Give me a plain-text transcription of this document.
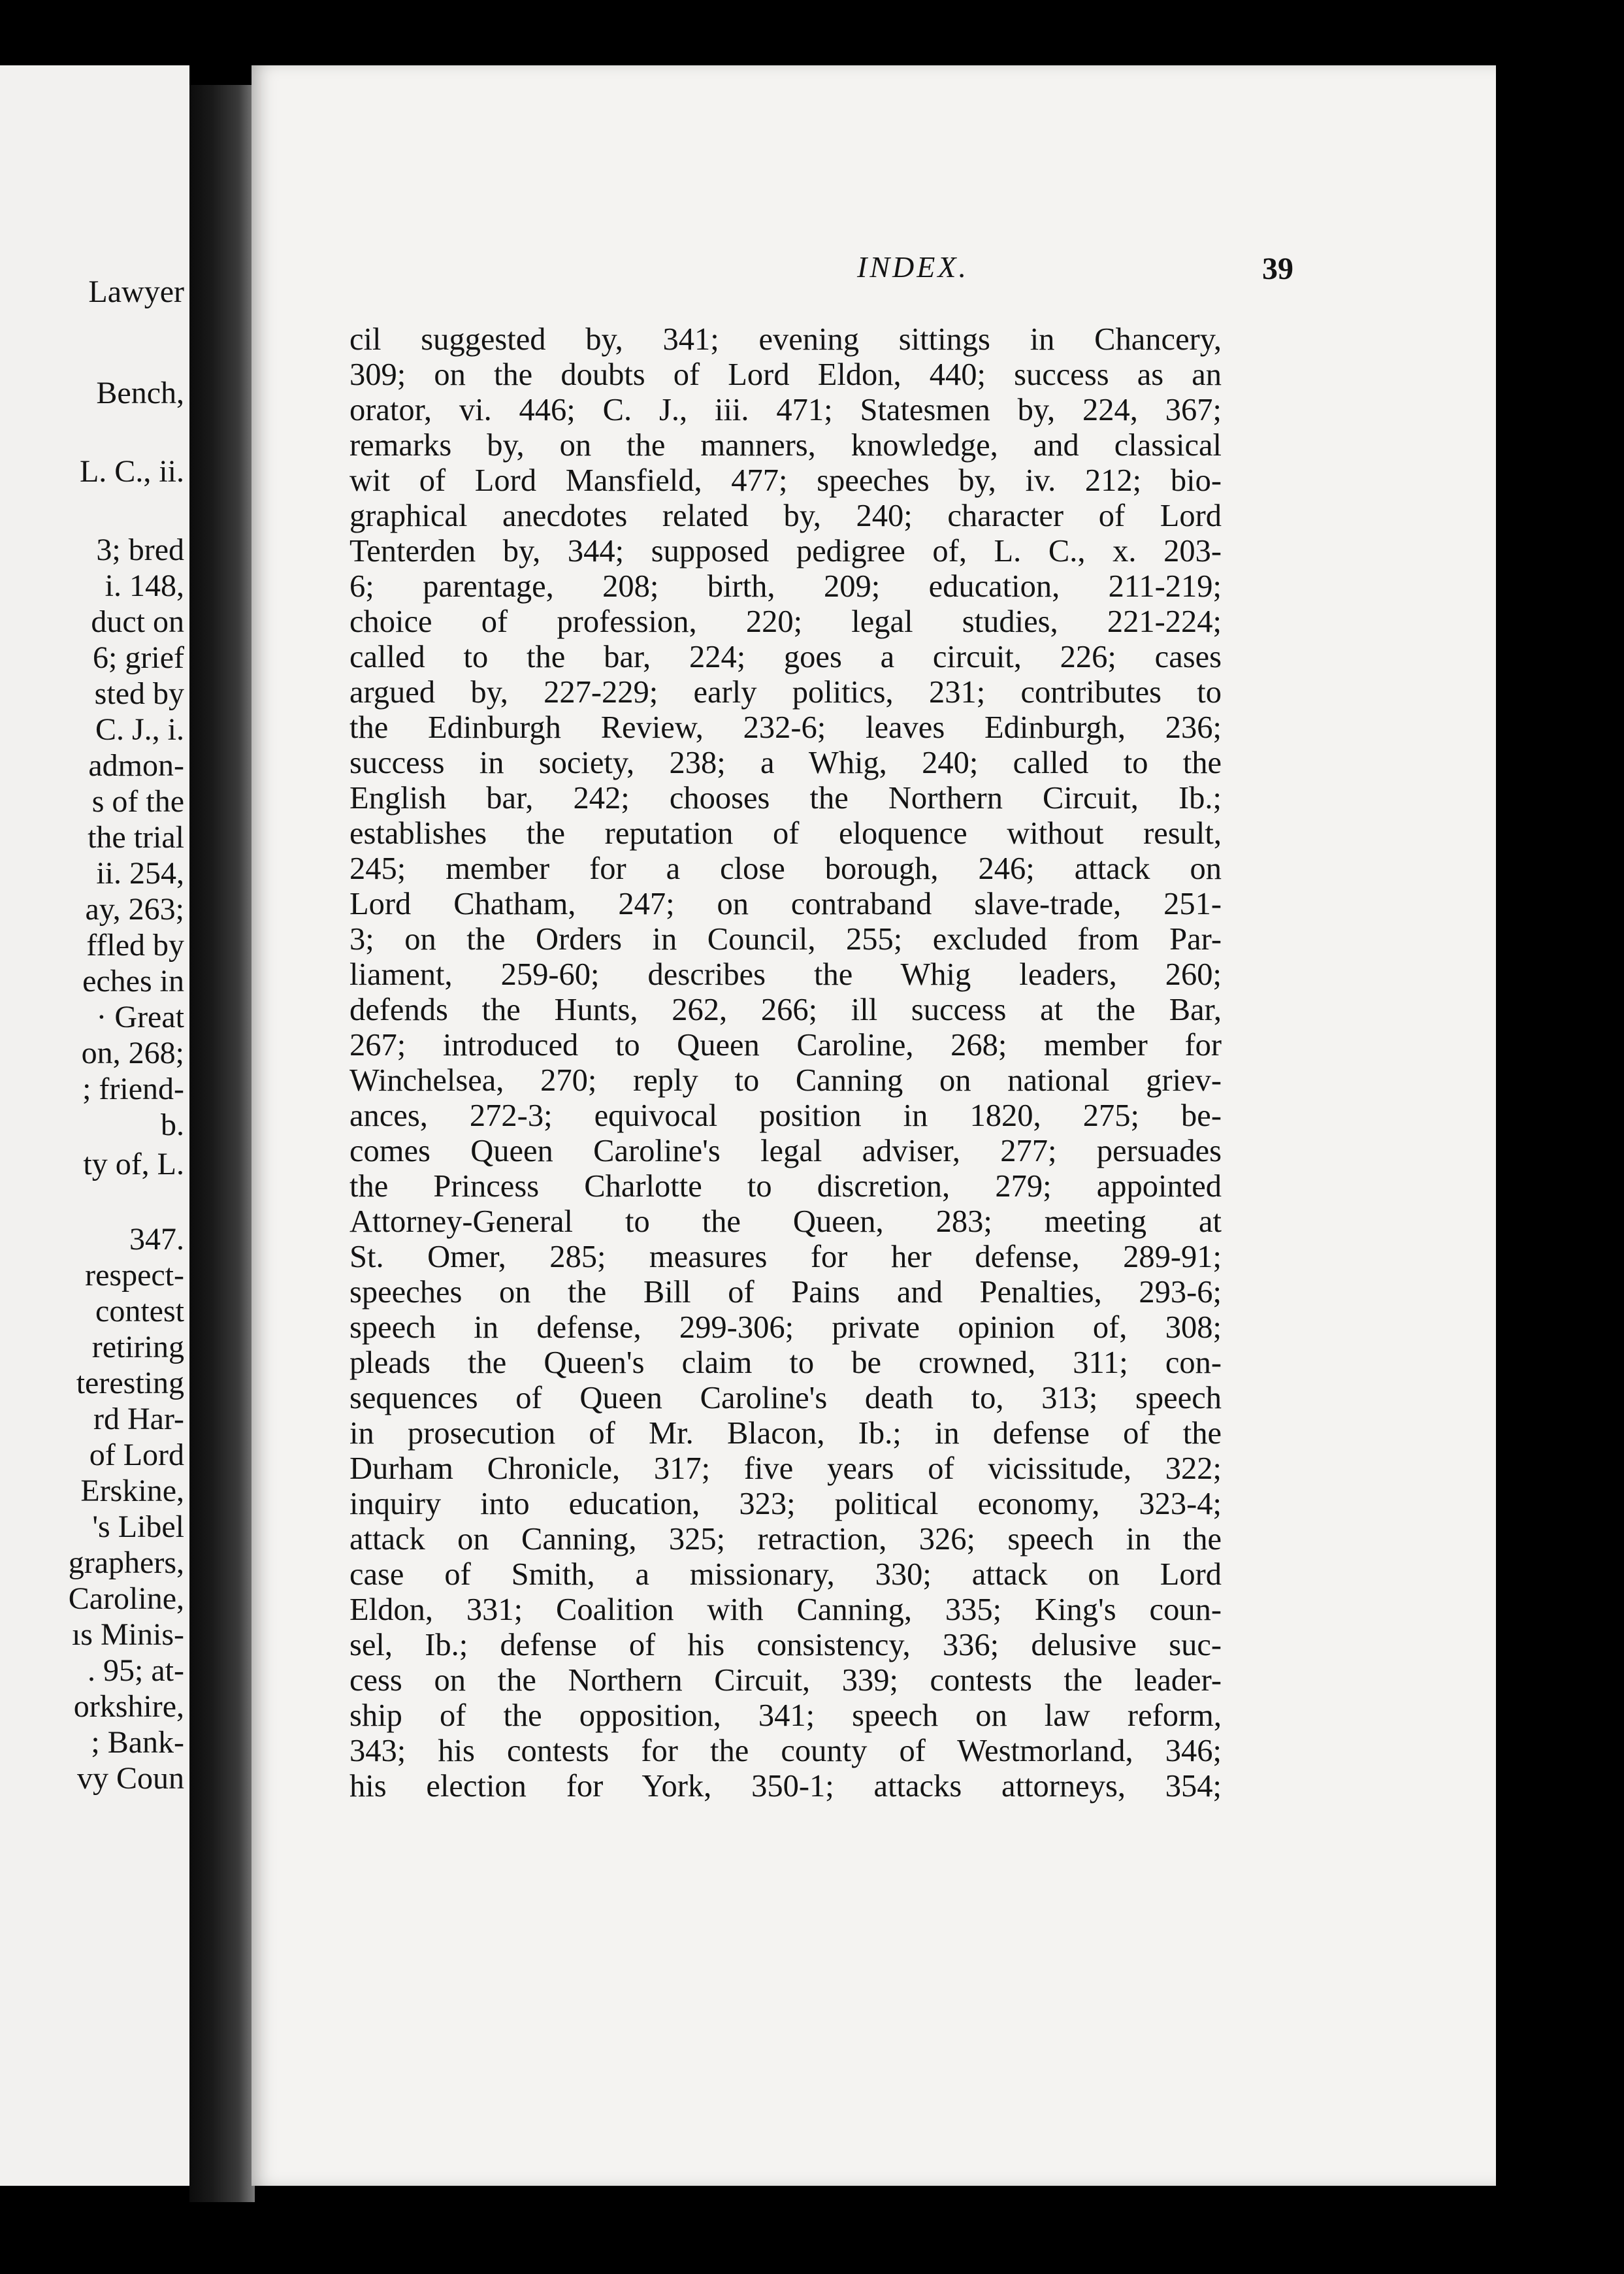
Lawyer
Bench,
L. C., ii.
3; bred
i. 148,
duct on
6; grief
sted by
C. J., i.
admon-
s of the
the trial
ii. 254,
ay, 263;
ffled by
eches in
· Great
on, 268;
; friend-
b.
ty of, L.
347.
respect-
contest
retiring
teresting
rd Har-
of Lord
Erskine,
's Libel
graphers,
Caroline,
ıs Minis-
. 95; at-
orkshire,
; Bank-
vy Coun
INDEX.	39
cil suggested by, 341; evening sittings in Chancery,
309; on the doubts of Lord Eldon, 440; success as an
orator, vi. 446; C. J., iii. 471; Statesmen by, 224, 367;
remarks by, on the manners, knowledge, and classical
wit of Lord Mansfield, 477; speeches by, iv. 212; bio-
graphical anecdotes related by, 240; character of Lord
Tenterden by, 344; supposed pedigree of, L. C., x. 203-
6; parentage, 208; birth, 209; education, 211-219;
choice of profession, 220; legal studies, 221-224;
called to the bar, 224; goes a circuit, 226; cases
argued by, 227-229; early politics, 231; contributes to
the Edinburgh Review, 232-6; leaves Edinburgh, 236;
success in society, 238; a Whig, 240; called to the
English bar, 242; chooses the Northern Circuit, Ib.;
establishes the reputation of eloquence without result,
245; member for a close borough, 246; attack on
Lord Chatham, 247; on contraband slave-trade, 251-
3; on the Orders in Council, 255; excluded from Par-
liament, 259-60; describes the Whig leaders, 260;
defends the Hunts, 262, 266; ill success at the Bar,
267; introduced to Queen Caroline, 268; member for
Winchelsea, 270; reply to Canning on national griev-
ances, 272-3; equivocal position in 1820, 275; be-
comes Queen Caroline's legal adviser, 277; persuades
the Princess Charlotte to discretion, 279; appointed
Attorney-General to the Queen, 283; meeting at
St. Omer, 285; measures for her defense, 289-91;
speeches on the Bill of Pains and Penalties, 293-6;
speech in defense, 299-306; private opinion of, 308;
pleads the Queen's claim to be crowned, 311; con-
sequences of Queen Caroline's death to, 313; speech
in prosecution of Mr. Blacon, Ib.; in defense of the
Durham Chronicle, 317; five years of vicissitude, 322;
inquiry into education, 323; political economy, 323-4;
attack on Canning, 325; retraction, 326; speech in the
case of Smith, a missionary, 330; attack on Lord
Eldon, 331; Coalition with Canning, 335; King's coun-
sel, Ib.; defense of his consistency, 336; delusive suc-
cess on the Northern Circuit, 339; contests the leader-
ship of the opposition, 341; speech on law reform,
343; his contests for the county of Westmorland, 346;
his election for York, 350-1; attacks attorneys, 354;
